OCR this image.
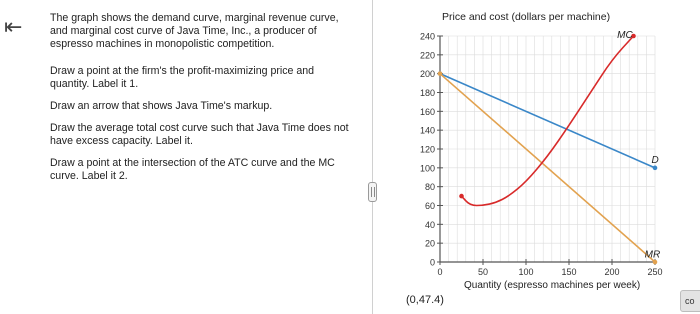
⇤	The graph shows the demand curve, marginal revenue curve, and marginal cost curve of Java Time, Inc., a producer of espresso machines in monopolistic competition.

Draw a point at the firm's the profit-maximizing price and quantity. Label it 1.

Draw an arrow that shows Java Time's markup.

Draw the average total cost curve such that Java Time does not have excess capacity. Label it.

Draw a point at the intersection of the ATC curve and the MC curve. Label it 2.

Price and cost (dollars per machine)
Quantity (espresso machines per week)
0
20
40
60
80
100
120
140
160
180
200
220
240
0	50	100	150	200	250
MC
D
MR
(0,47.4)	co
